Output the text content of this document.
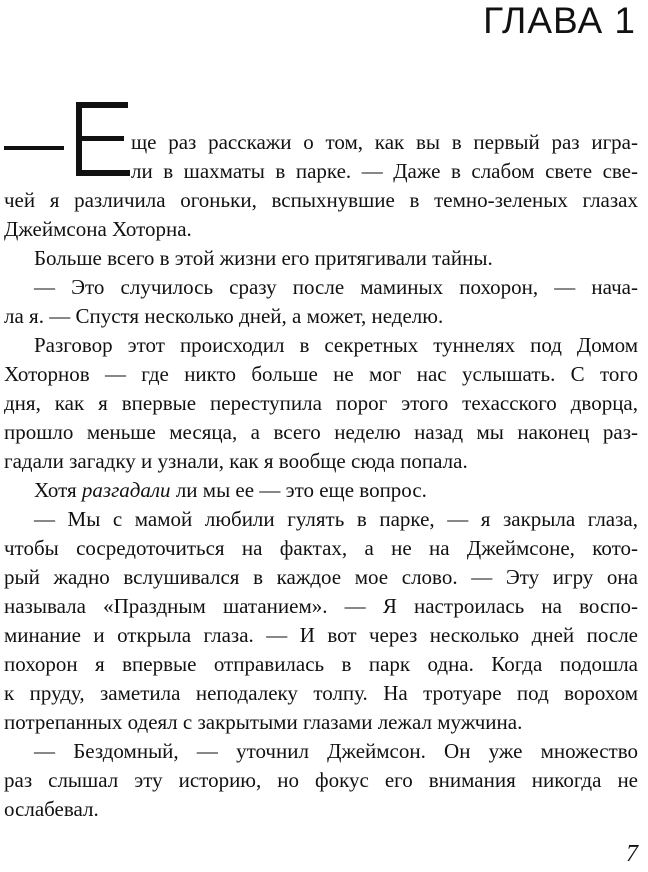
ГЛАВА 1
ще раз расскажи о том, как вы в первый раз игра-
ли в шахматы в парке. — Даже в слабом свете све-
чей я различила огоньки, вспыхнувшие в темно-зеленых глазах
Джеймсона Хоторна.
Больше всего в этой жизни его притягивали тайны.
— Это случилось сразу после маминых похорон, — нача-
ла я. — Спустя несколько дней, а может, неделю.
Разговор этот происходил в секретных туннелях под Домом
Хоторнов — где никто больше не мог нас услышать. С того
дня, как я впервые переступила порог этого техасского дворца,
прошло меньше месяца, а всего неделю назад мы наконец раз-
гадали загадку и узнали, как я вообще сюда попала.
Хотя разгадали ли мы ее — это еще вопрос.
— Мы с мамой любили гулять в парке, — я закрыла глаза,
чтобы сосредоточиться на фактах, а не на Джеймсоне, кото-
рый жадно вслушивался в каждое мое слово. — Эту игру она
называла «Праздным шатанием». — Я настроилась на воспо-
минание и открыла глаза. — И вот через несколько дней после
похорон я впервые отправилась в парк одна. Когда подошла
к пруду, заметила неподалеку толпу. На тротуаре под ворохом
потрепанных одеял с закрытыми глазами лежал мужчина.
— Бездомный, — уточнил Джеймсон. Он уже множество
раз слышал эту историю, но фокус его внимания никогда не
ослабевал.
7
